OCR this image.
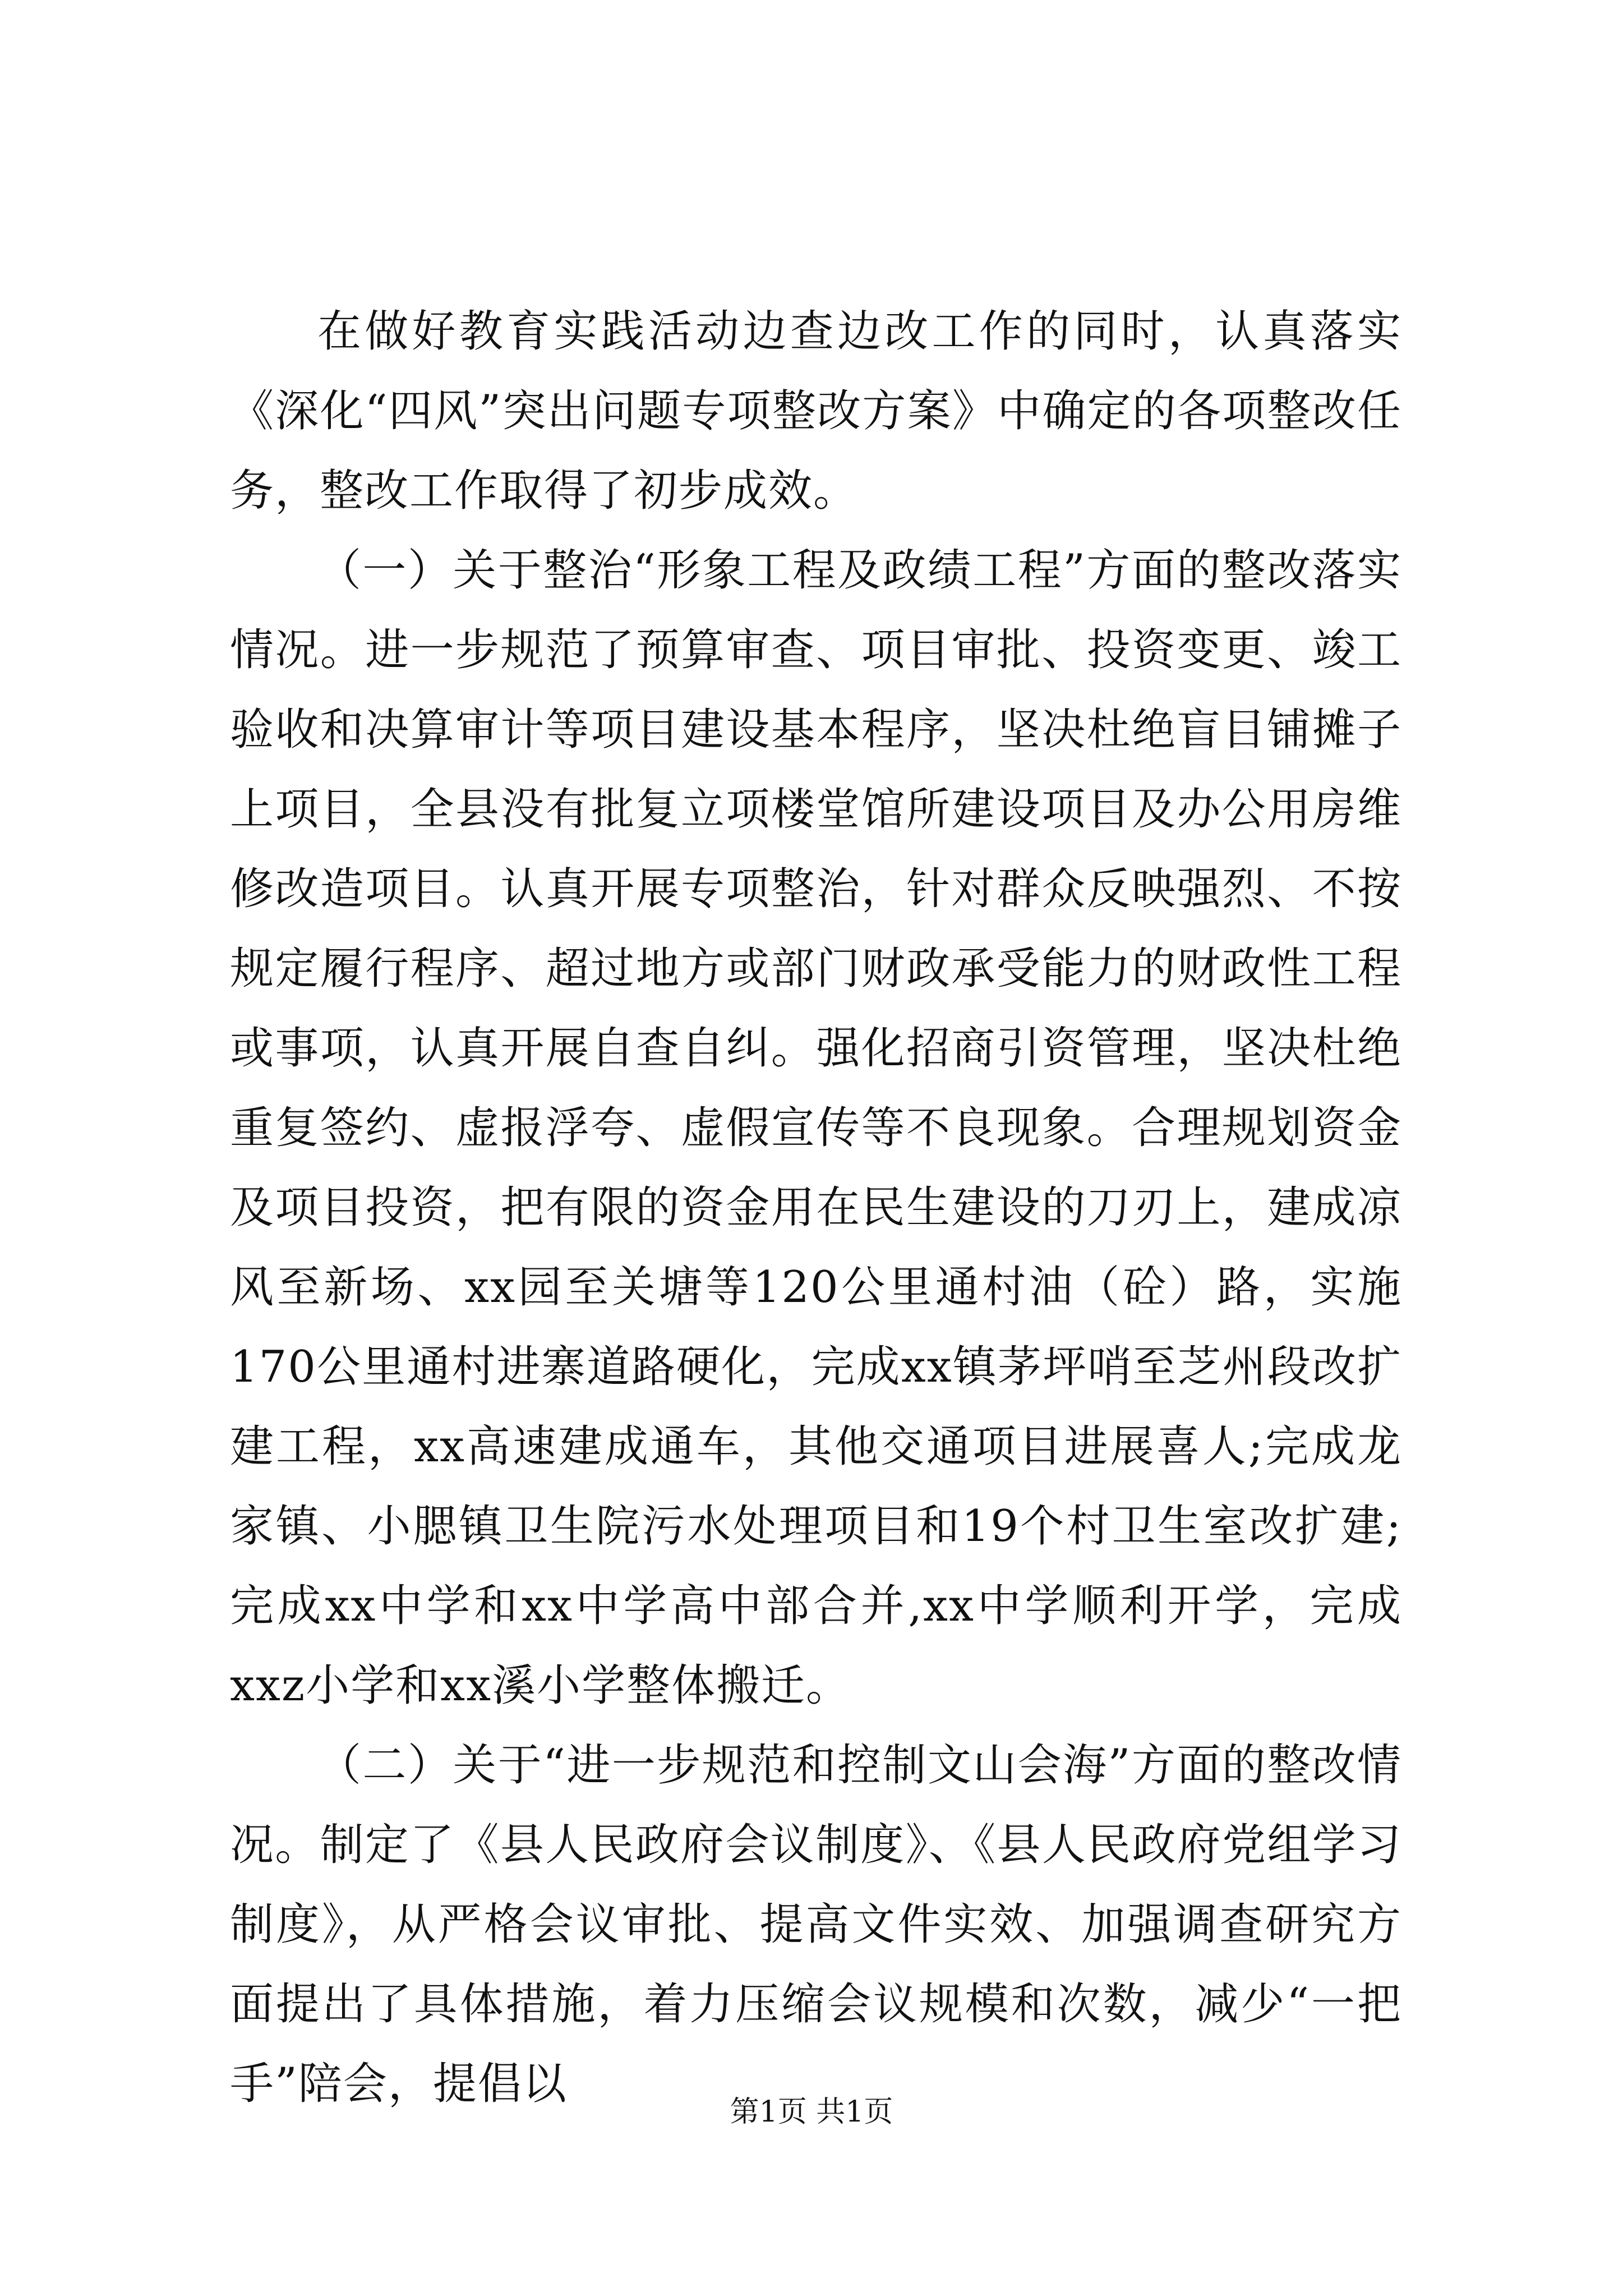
在做好教育实践活动边查边改工作的同时，认真落实《深化“四风”突出问题专项整改方案》中确定的各项整改任务，整改工作取得了初步成效。

（一）关于整治“形象工程及政绩工程”方面的整改落实情况。进一步规范了预算审查、项目审批、投资变更、竣工验收和决算审计等项目建设基本程序，坚决杜绝盲目铺摊子上项目，全县没有批复立项楼堂馆所建设项目及办公用房维修改造项目。认真开展专项整治，针对群众反映强烈、不按规定履行程序、超过地方或部门财政承受能力的财政性工程或事项，认真开展自查自纠。强化招商引资管理，坚决杜绝重复签约、虚报浮夸、虚假宣传等不良现象。合理规划资金及项目投资，把有限的资金用在民生建设的刀刃上，建成凉风至新场、xx园至关塘等120公里通村油（砼）路，实施170公里通村进寨道路硬化，完成xx镇茅坪哨至芝州段改扩建工程，xx高速建成通车，其他交通项目进展喜人;完成龙家镇、小腮镇卫生院污水处理项目和19个村卫生室改扩建;完成xx中学和xx中学高中部合并,xx中学顺利开学，完成xxz小学和xx溪小学整体搬迁。

（二）关于“进一步规范和控制文山会海”方面的整改情况。制定了《县人民政府会议制度》、《县人民政府党组学习制度》，从严格会议审批、提高文件实效、加强调查研究方面提出了具体措施，着力压缩会议规模和次数，减少“一把手”陪会，提倡以

第1页 共1页
